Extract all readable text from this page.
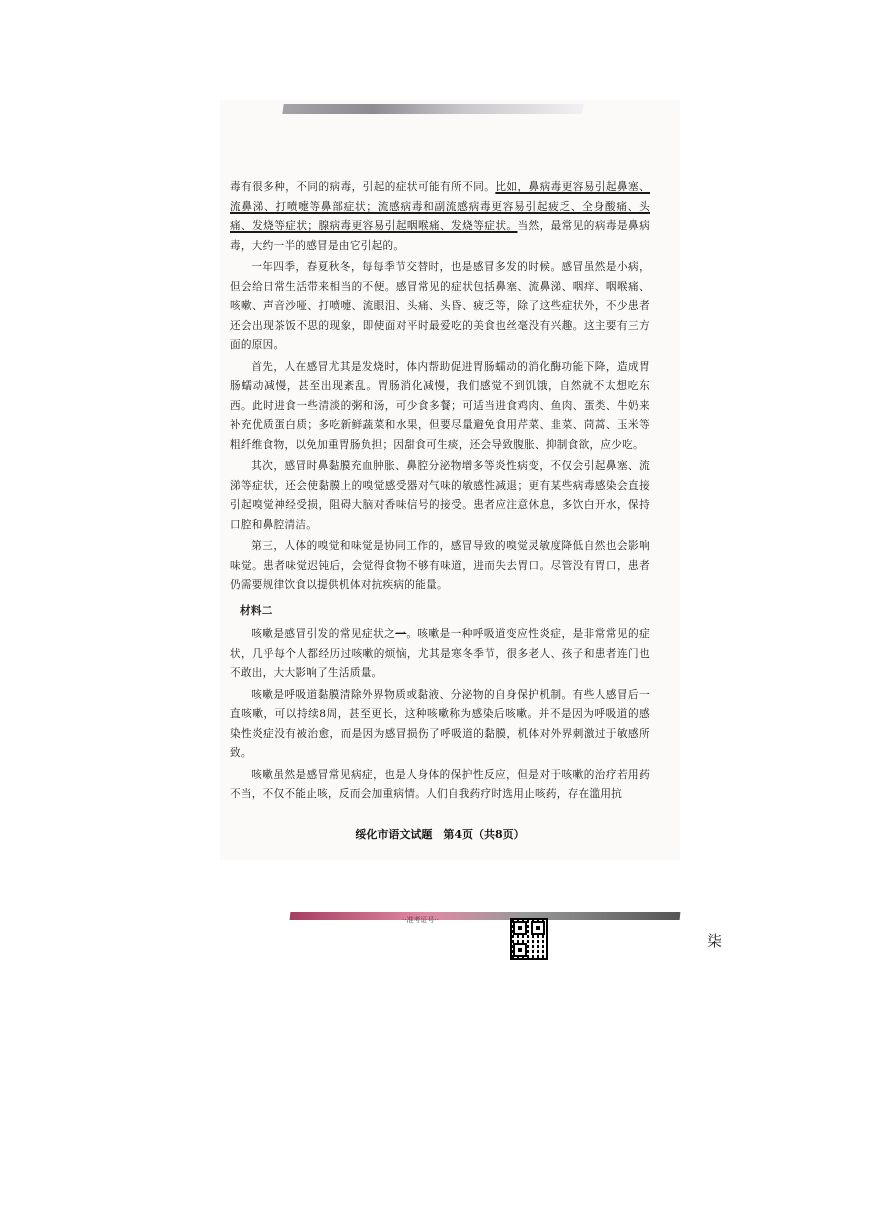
毒有很多种，不同的病毒，引起的症状可能有所不同。比如，鼻病毒更容易引起鼻塞、流鼻涕、打喷嚏等鼻部症状；流感病毒和副流感病毒更容易引起疲乏、全身酸痛、头痛、发烧等症状；腺病毒更容易引起咽喉痛、发烧等症状。当然，最常见的病毒是鼻病毒，大约一半的感冒是由它引起的。

一年四季，春夏秋冬，每每季节交替时，也是感冒多发的时候。感冒虽然是小病，但会给日常生活带来相当的不便。感冒常见的症状包括鼻塞、流鼻涕、咽痒、咽喉痛、咳嗽、声音沙哑、打喷嚏、流眼泪、头痛、头昏、疲乏等，除了这些症状外，不少患者还会出现茶饭不思的现象，即使面对平时最爱吃的美食也丝毫没有兴趣。这主要有三方面的原因。

首先，人在感冒尤其是发烧时，体内帮助促进胃肠蠕动的消化酶功能下降，造成胃肠蠕动减慢，甚至出现紊乱。胃肠消化减慢，我们感觉不到饥饿，自然就不太想吃东西。此时进食一些清淡的粥和汤，可少食多餐；可适当进食鸡肉、鱼肉、蛋类、牛奶来补充优质蛋白质；多吃新鲜蔬菜和水果，但要尽量避免食用芹菜、韭菜、茼蒿、玉米等粗纤维食物，以免加重胃肠负担；因甜食可生痰，还会导致腹胀、抑制食欲，应少吃。

其次，感冒时鼻黏膜充血肿胀、鼻腔分泌物增多等炎性病变，不仅会引起鼻塞、流涕等症状，还会使黏膜上的嗅觉感受器对气味的敏感性减退；更有某些病毒感染会直接引起嗅觉神经受损，阻碍大脑对香味信号的接受。患者应注意休息，多饮白开水，保持口腔和鼻腔清洁。

第三，人体的嗅觉和味觉是协同工作的，感冒导致的嗅觉灵敏度降低自然也会影响味觉。患者味觉迟钝后，会觉得食物不够有味道，进而失去胃口。尽管没有胃口，患者仍需要规律饮食以提供机体对抗疾病的能量。

材料二

咳嗽是感冒引发的常见症状之一。咳嗽是一种呼吸道变应性炎症，是非常常见的症状，几乎每个人都经历过咳嗽的烦恼，尤其是寒冬季节，很多老人、孩子和患者连门也不敢出，大大影响了生活质量。

咳嗽是呼吸道黏膜清除外界物质或黏液、分泌物的自身保护机制。有些人感冒后一直咳嗽，可以持续8周，甚至更长，这种咳嗽称为感染后咳嗽。并不是因为呼吸道的感染性炎症没有被治愈，而是因为感冒损伤了呼吸道的黏膜，机体对外界刺激过于敏感所致。

咳嗽虽然是感冒常见病症，也是人身体的保护性反应，但是对于咳嗽的治疗若用药不当，不仅不能止咳，反而会加重病情。人们自我药疗时选用止咳药，存在滥用抗

绥化市语文试题　第4页（共8页）
··准考证号··
柒
